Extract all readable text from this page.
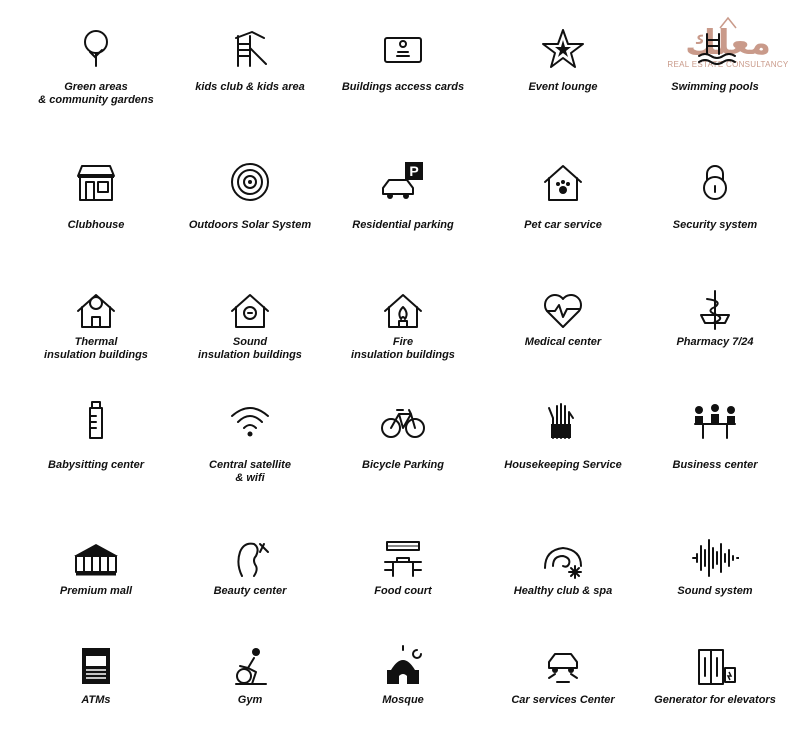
معلك
REAL ESTATE CONSULTANCY
Green areas
& community gardens
kids club & kids area	Buildings access cards	Event lounge	Swimming pools
Clubhouse	Outdoors Solar System
P
Residential parking	Pet car service	Security system
Thermal
insulation buildings
Sound
insulation buildings
Fire
insulation buildings
Medical center	Pharmacy 7/24
Babysitting center	Central satellite
& wifi
Bicycle Parking	Housekeeping Service	Business center
Premium mall	Beauty center	Food court	Healthy club & spa	Sound system
ATMs	Gym	Mosque	Car services Center	Generator for elevators
